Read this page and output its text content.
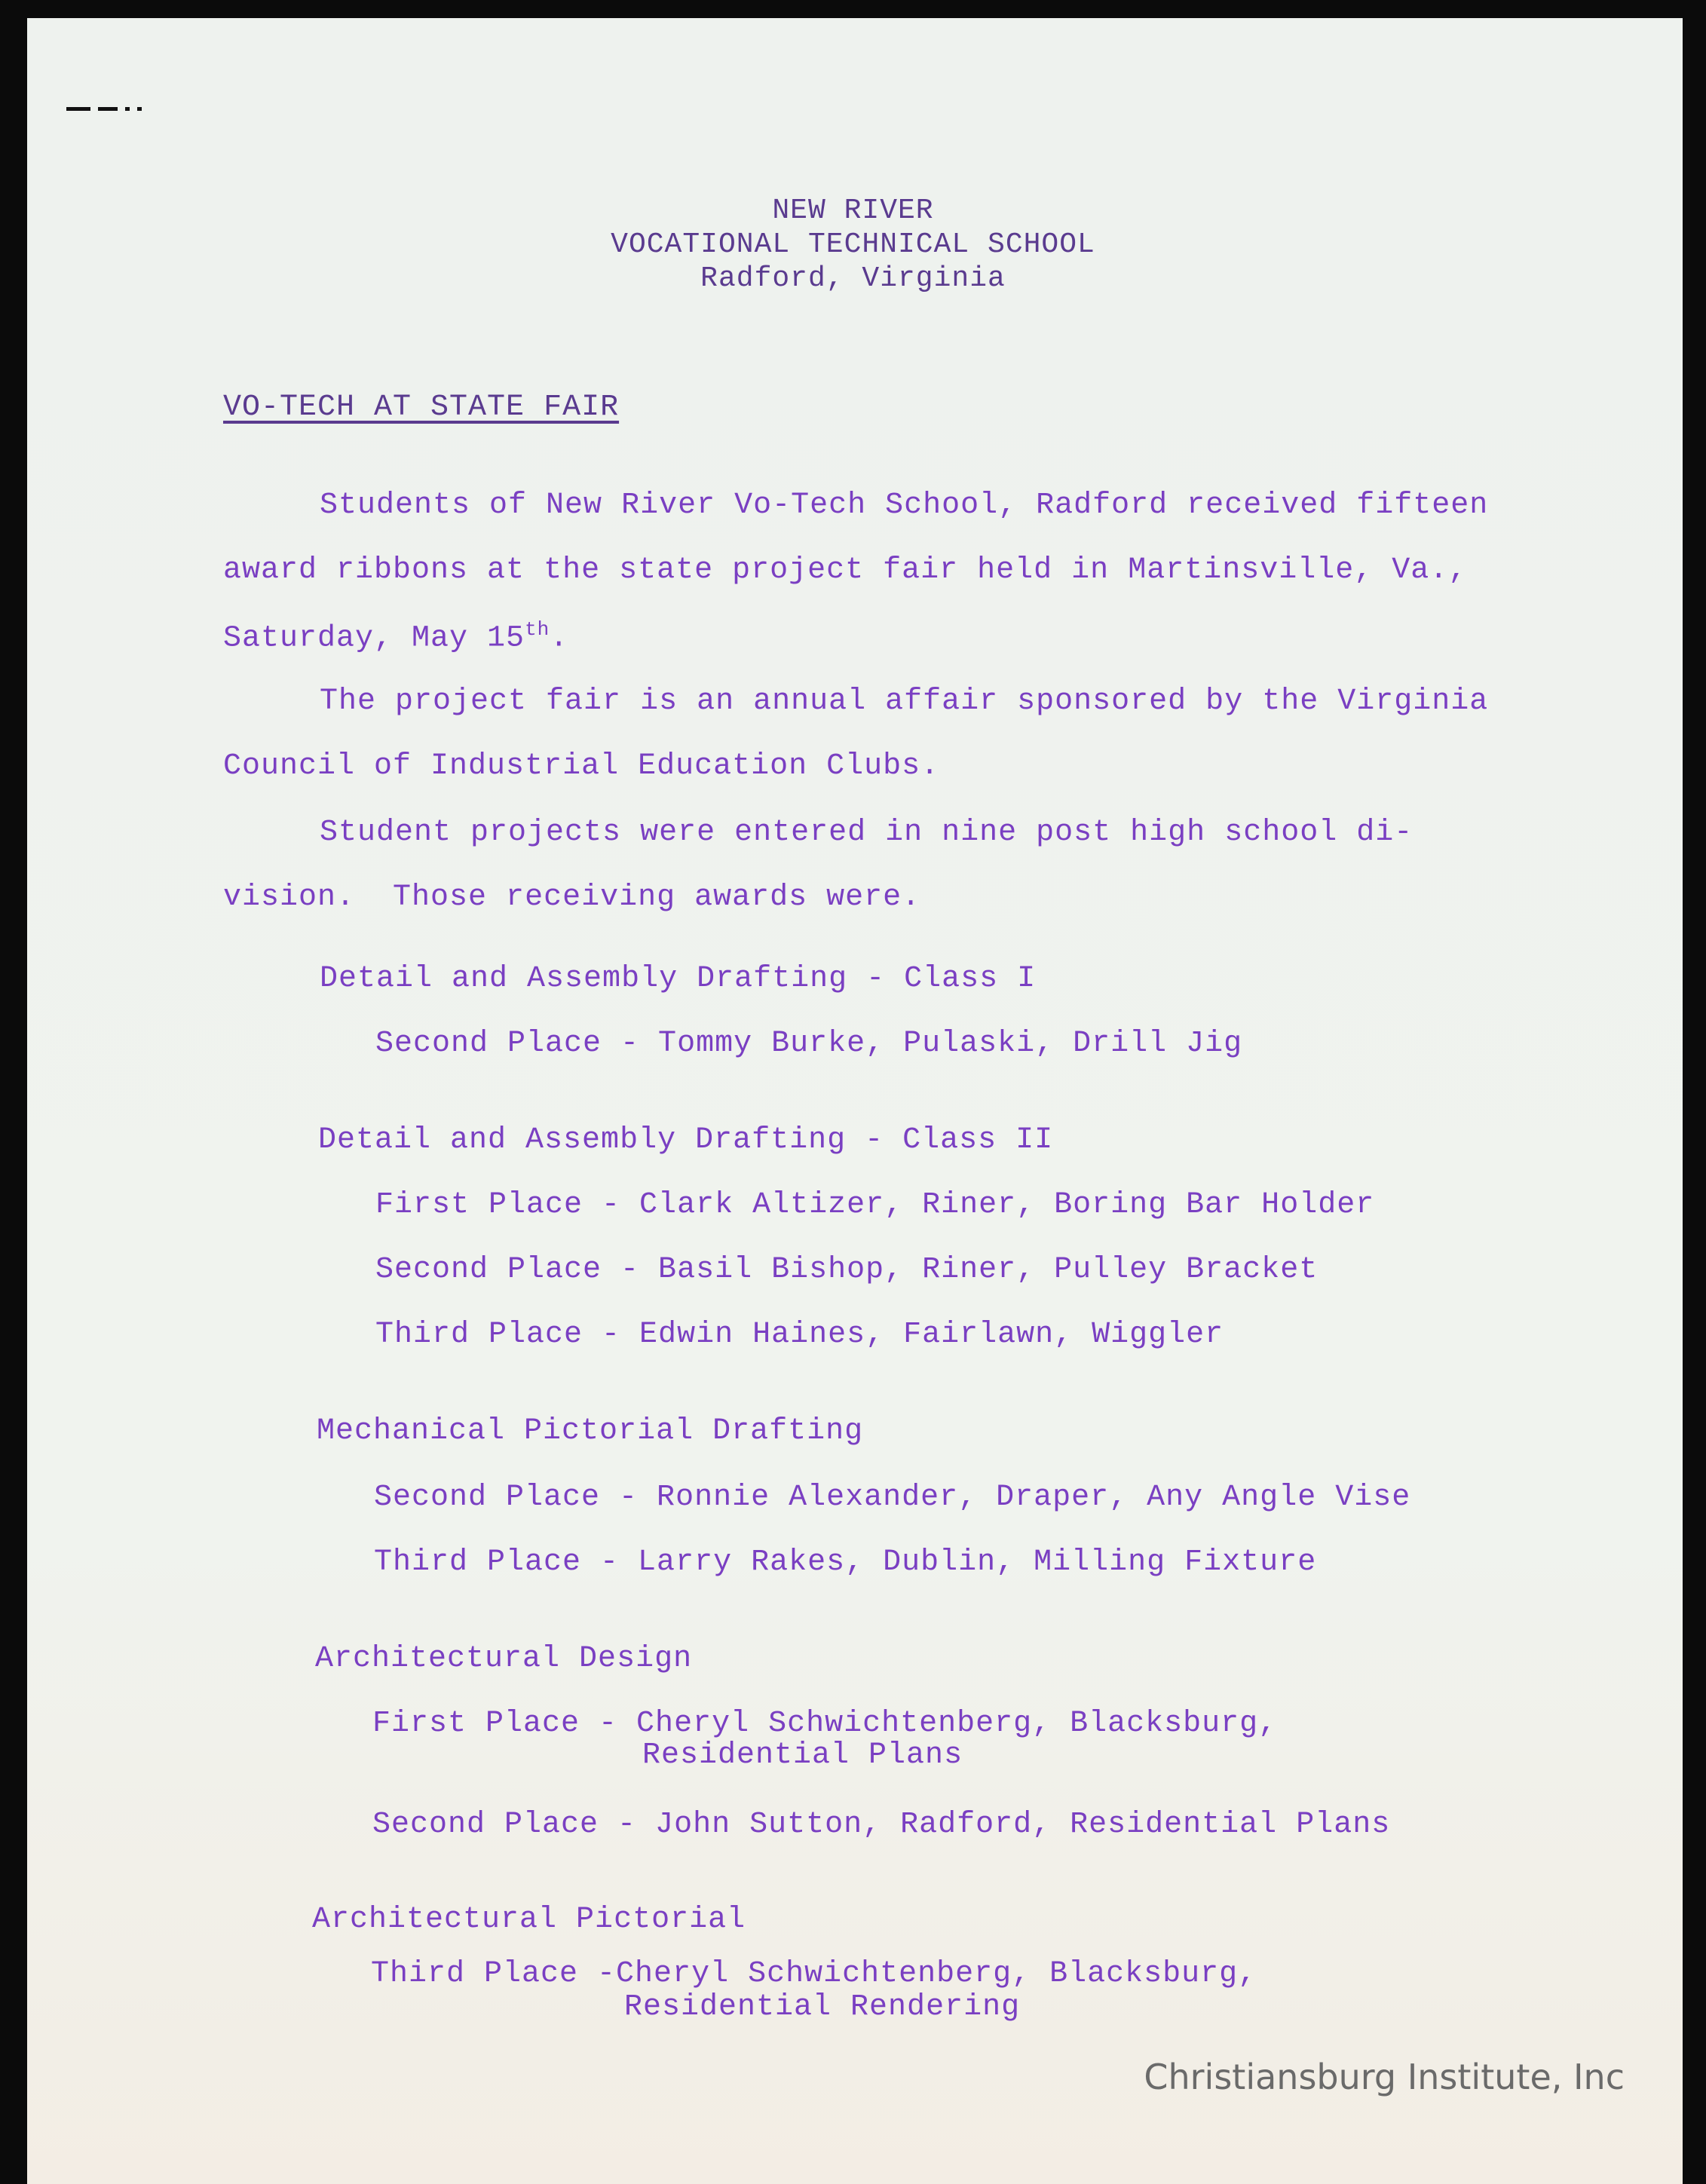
NEW RIVER
VOCATIONAL TECHNICAL SCHOOL
Radford, Virginia
VO-TECH AT STATE FAIR
Students of New River Vo-Tech School, Radford received fifteen
award ribbons at the state project fair held in Martinsville, Va.,
Saturday, May 15th.
The project fair is an annual affair sponsored by the Virginia
Council of Industrial Education Clubs.
Student projects were entered in nine post high school di-
vision.  Those receiving awards were.
Detail and Assembly Drafting - Class I
Second Place - Tommy Burke, Pulaski, Drill Jig
Detail and Assembly Drafting - Class II
First Place - Clark Altizer, Riner, Boring Bar Holder
Second Place - Basil Bishop, Riner, Pulley Bracket
Third Place - Edwin Haines, Fairlawn, Wiggler
Mechanical Pictorial Drafting
Second Place - Ronnie Alexander, Draper, Any Angle Vise
Third Place - Larry Rakes, Dublin, Milling Fixture
Architectural Design
First Place - Cheryl Schwichtenberg, Blacksburg,
Residential Plans
Second Place - John Sutton, Radford, Residential Plans
Architectural Pictorial
Third Place -Cheryl Schwichtenberg, Blacksburg,
Residential Rendering
Christiansburg Institute, Inc
